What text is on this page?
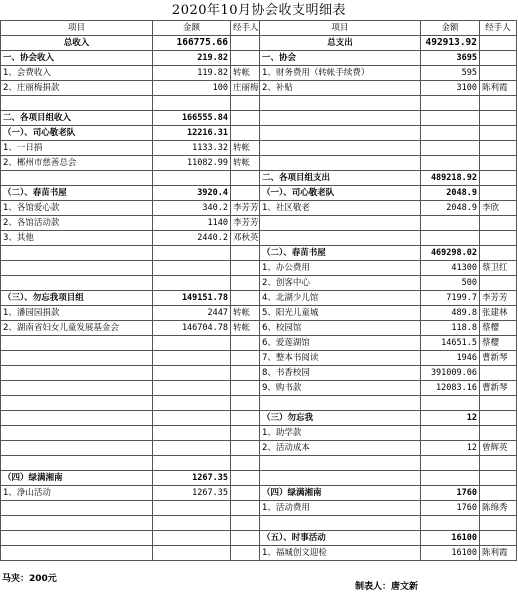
2020年10月协会收支明细表
项目	金额	经手人	项目	金额	经手人
总收入	166775.66		总支出	492913.92	
一、协会收入	219.82		一、协会	3695	
1、会费收入	119.82	转帐	1、财务费用（转帐手续费）	595	
2、庄丽梅捐款	100	庄丽梅	2、补贴	3100	陈利霞

二、各项目组收入	166555.84				
（一）、司心敬老队	12216.31				
1、一日捐	1133.32	转帐			
2、郴州市慈善总会	11082.99	转帐			
			二、各项目组支出	489218.92	
（二）、春苗书屋	3920.4		（一）、司心敬老队	2048.9	
1、各馆爱心款	340.2	李芳芳	1、社区敬老	2048.9	李欣
2、各馆活动款	1140	李芳芳			
3、其他	2440.2	邓秋英			
			（二）、春苗书屋	469298.02	
			1、办公费用	41300	蔡卫红
			2、创客中心	500	
（三）、勿忘我项目组	149151.78		4、北湖少儿馆	7199.7	李芳芳
1、潘园园捐款	2447	转帐	5、阳光儿童城	489.8	张建林
2、湖南省妇女儿童发展基金会	146704.78	转帐	6、校园馆	118.8	蔡樱
			6、爱莲湖馆	14651.5	蔡樱
			7、整本书阅读	1946	曹新琴
			8、书香校园	391009.06	
			9、购书款	12083.16	曹新琴

			（三）勿忘我	12	
			1、助学款		
			2、活动成本	12	曾辉英

（四）绿满湘南	1267.35				
1、净山活动	1267.35		（四）绿满湘南	1760	
			1、活动费用	1760	陈绵秀

			（五）、时事活动	16100	
			1、福城创文迎检	16100	陈利霞
马夹：200元
制表人：唐文新
